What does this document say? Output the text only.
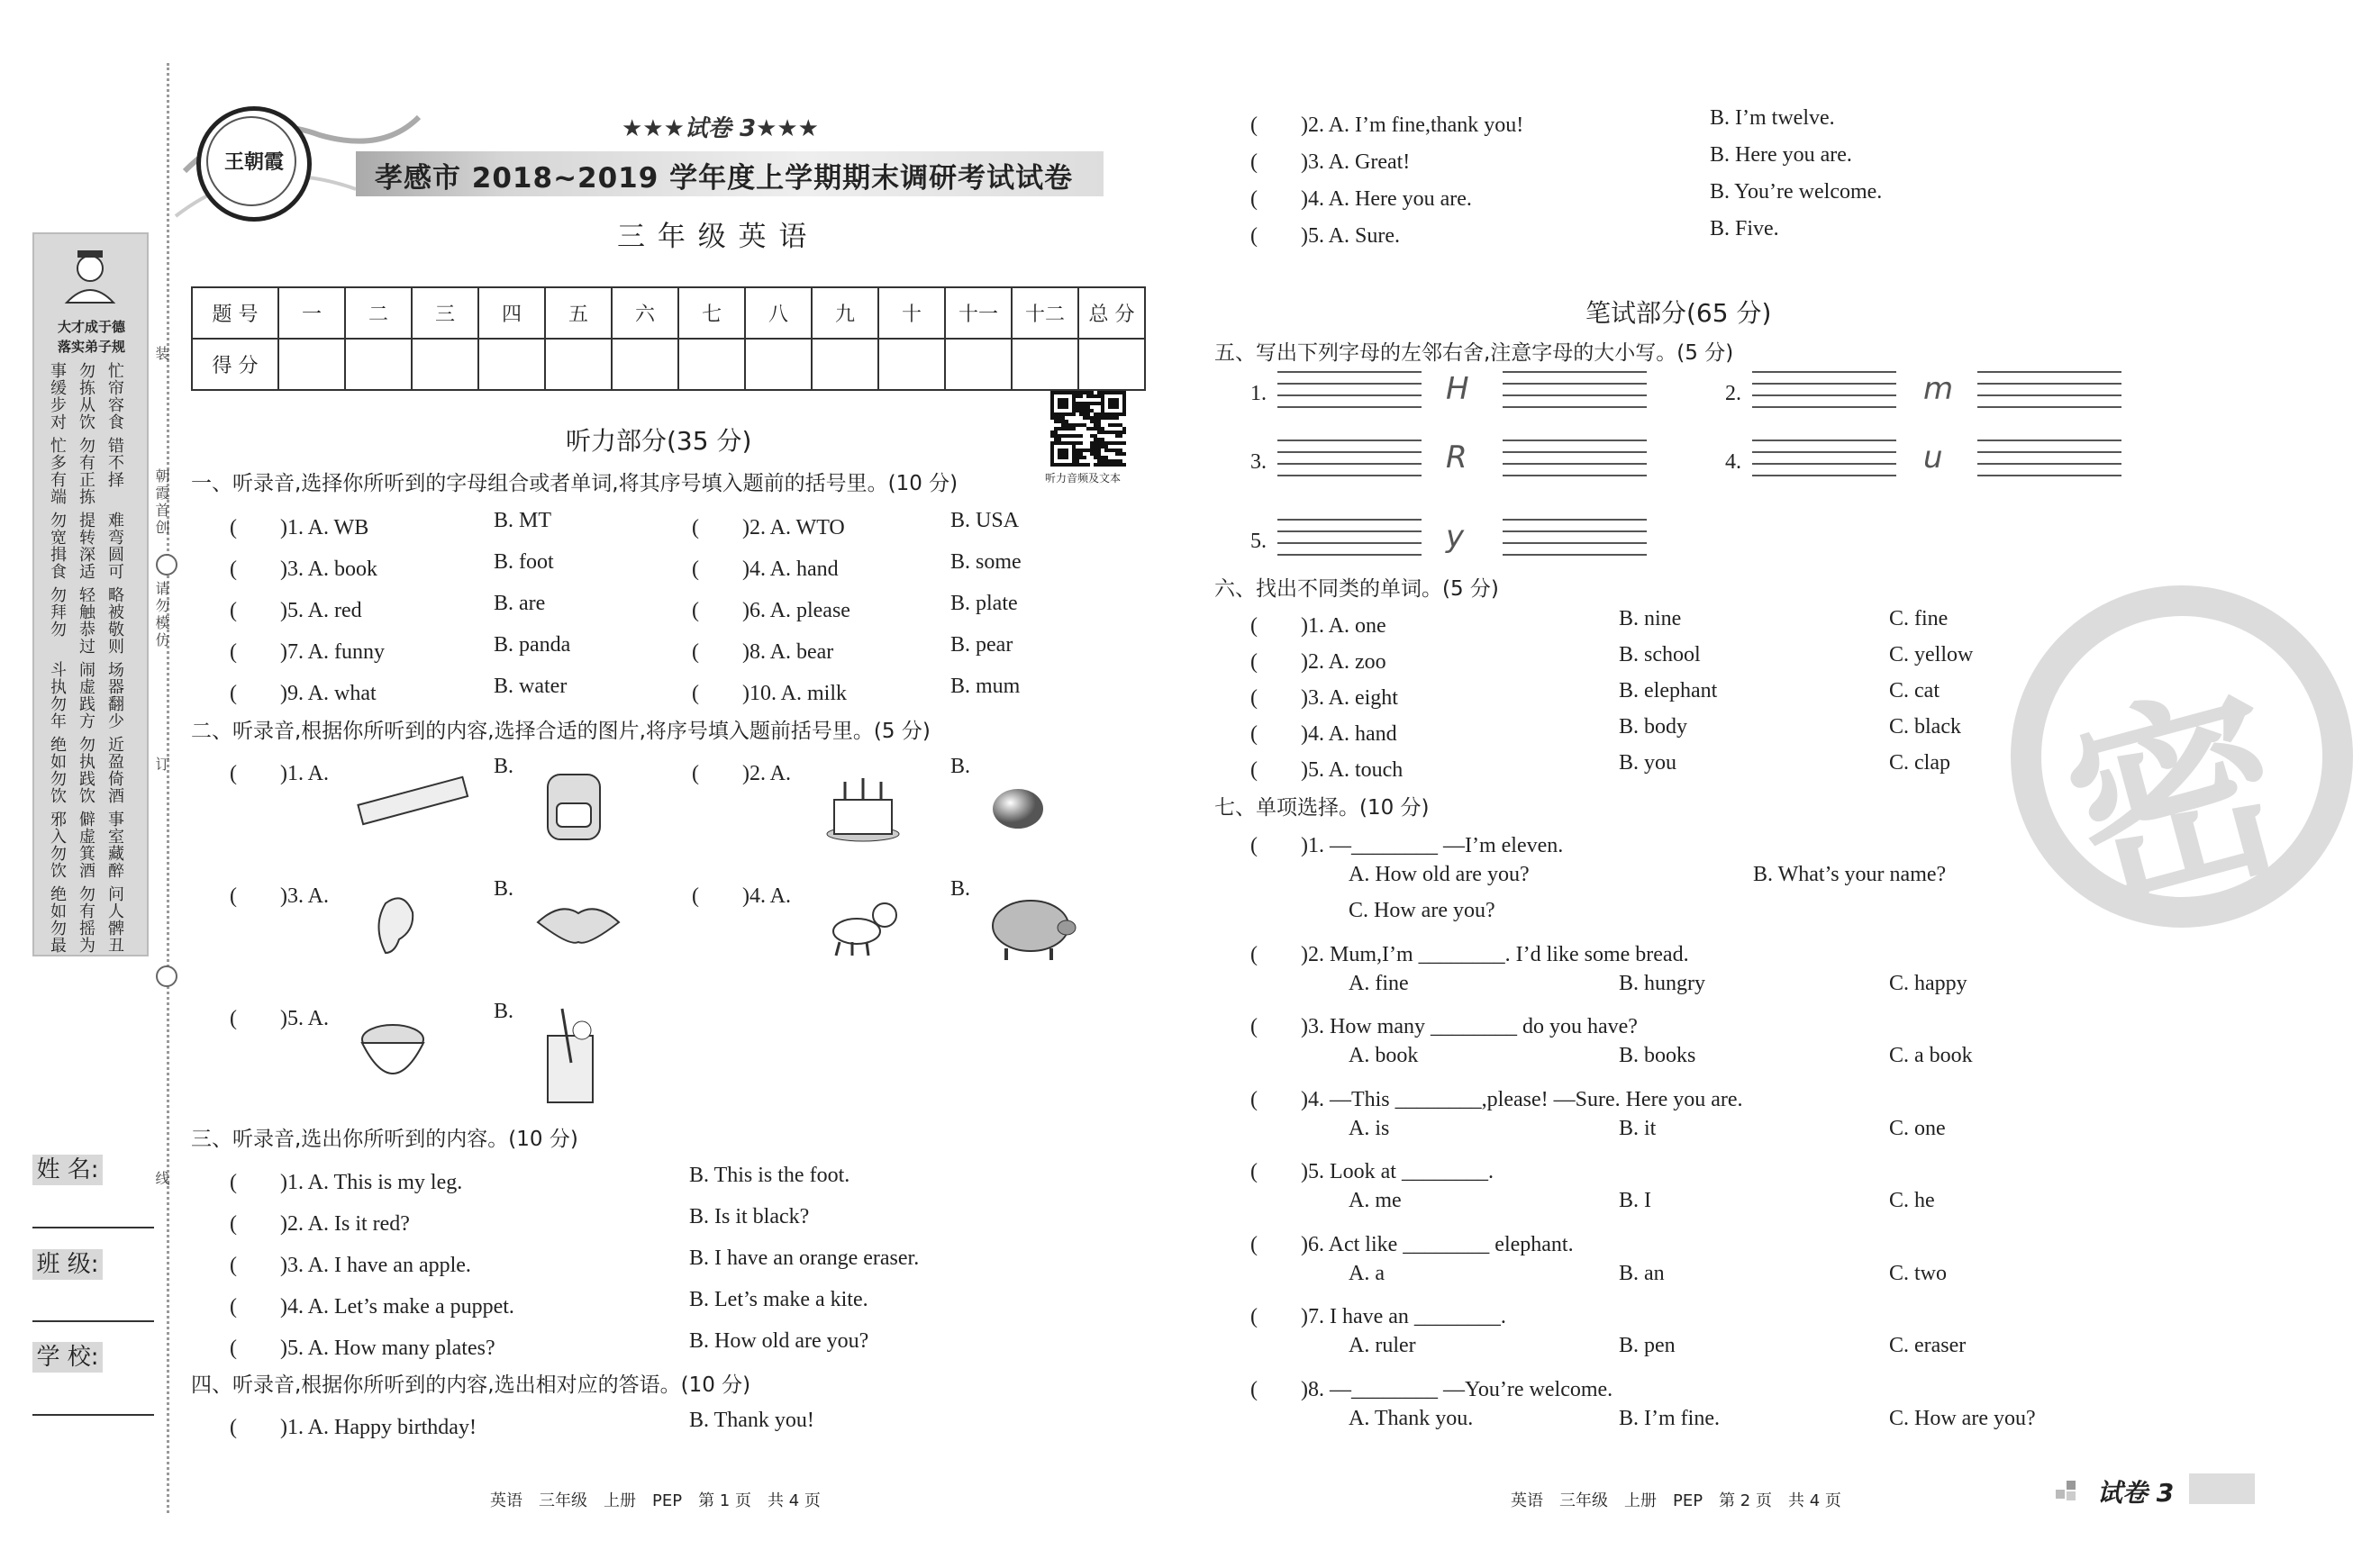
大才成于德
落实弟子规
事缓步对 勿拣从饮 忙帘容食
忙多有端 勿有正拣 错不择
勿宽揖食 提转深适 难弯圆可
勿拜勿 轻触恭过 略被敬则
斗执勿年 闹虚践方 场器翻少
绝如勿饮 勿执践饮 近盈倚酒
邪入勿饮 僻虚箕酒 事室藏醉
绝如勿最 勿有摇为 问人髀丑
装
朝霞首创
请勿模仿
订
线
姓 名:
班 级:
学 校:
王朝霞
★★★试卷 3★★★
孝感市 2018~2019 学年度上学期期末调研考试试卷
三 年 级 英 语
题 号	一	二	三	四	五	六	七	八	九	十	十一	十二	总 分
得 分													
听力音频及文本
听力部分(35 分)
一、听录音,选择你所听到的字母组合或者单词,将其序号填入题前的括号里。(10 分)
(　　)1. A. WB	B. MT	(　　)2. A. WTO	B. USA
(　　)3. A. book	B. foot	(　　)4. A. hand	B. some
(　　)5. A. red	B. are	(　　)6. A. please	B. plate
(　　)7. A. funny	B. panda	(　　)8. A. bear	B. pear
(　　)9. A. what	B. water	(　　)10. A. milk	B. mum
二、听录音,根据你所听到的内容,选择合适的图片,将序号填入题前括号里。(5 分)
(　　)1. A.	B.	(　　)2. A.	B.
(　　)3. A.	B.	(　　)4. A.	B.
(　　)5. A.	B.
三、听录音,选出你所听到的内容。(10 分)
(　　)1. A. This is my leg.	B. This is the foot.
(　　)2. A. Is it red?	B. Is it black?
(　　)3. A. I have an apple.	B. I have an orange eraser.
(　　)4. A. Let’s make a puppet.	B. Let’s make a kite.
(　　)5. A. How many plates?	B. How old are you?
四、听录音,根据你所听到的内容,选出相对应的答语。(10 分)
(　　)1. A. Happy birthday!	B. Thank you!
(　　)2. A. I’m fine,thank you!	B. I’m twelve.
(　　)3. A. Great!	B. Here you are.
(　　)4. A. Here you are.	B. You’re welcome.
(　　)5. A. Sure.	B. Five.
英语　三年级　上册　PEP　第 1 页　共 4 页
笔试部分(65 分)
五、写出下列字母的左邻右舍,注意字母的大小写。(5 分)
1.	H	2.	m
3.	R	4.	u
5.	y
六、找出不同类的单词。(5 分)
(　　)1. A. one	B. nine	C. fine
(　　)2. A. zoo	B. school	C. yellow
(　　)3. A. eight	B. elephant	C. cat
(　　)4. A. hand	B. body	C. black
(　　)5. A. touch	B. you	C. clap
七、单项选择。(10 分)
(　　)1. —________ —I’m eleven.
A. How old are you?	B. What’s your name?
C. How are you?
(　　)2. Mum,I’m ________. I’d like some bread.
A. fine	B. hungry	C. happy
(　　)3. How many ________ do you have?
A. book	B. books	C. a book
(　　)4. —This ________,please! —Sure. Here you are.
A. is	B. it	C. one
(　　)5. Look at ________.
A. me	B. I	C. he
(　　)6. Act like ________ elephant.
A. a	B. an	C. two
(　　)7. I have an ________.
A. ruler	B. pen	C. eraser
(　　)8. —________ —You’re welcome.
A. Thank you.	B. I’m fine.	C. How are you?
密
英语　三年级　上册　PEP　第 2 页　共 4 页	试卷 3
